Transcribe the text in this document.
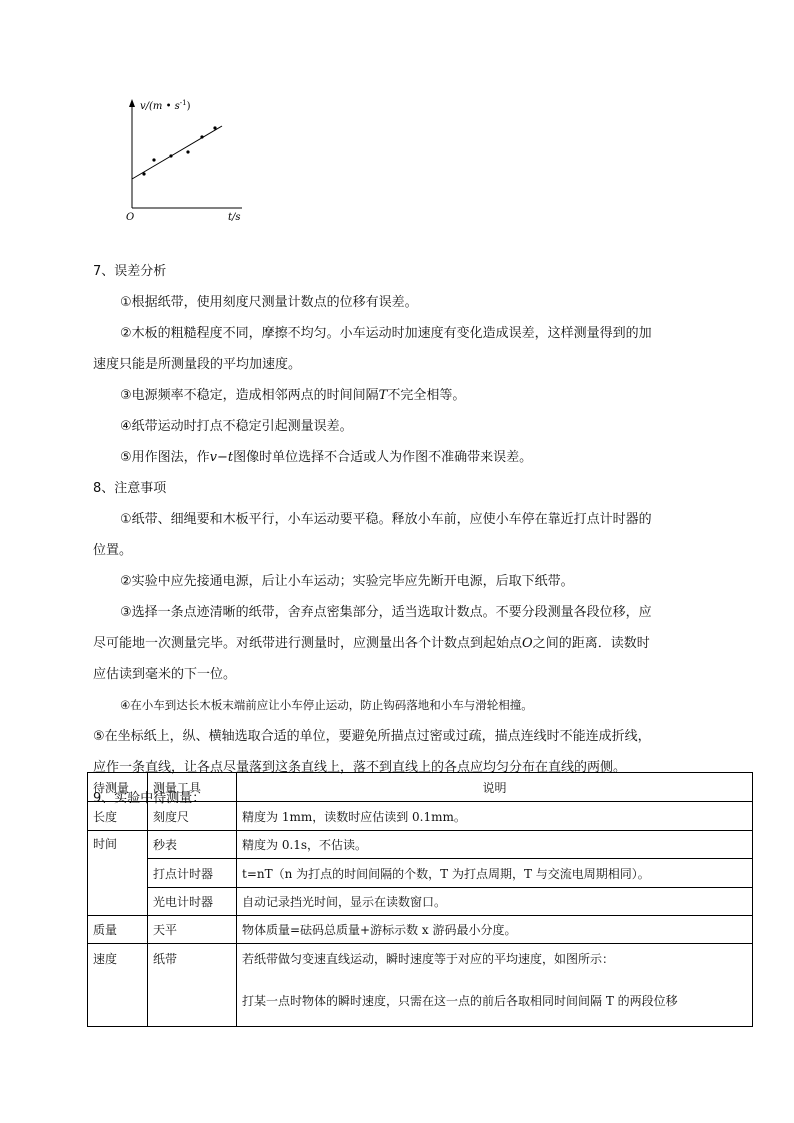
v/(m • $s^{-1}$)
O	t/s

7、误差分析

①根据纸带，使用刻度尺测量计数点的位移有误差。

②木板的粗糙程度不同，摩擦不均匀。小车运动时加速度有变化造成误差，这样测量得到的加

速度只能是所测量段的平均加速度。

③电源频率不稳定，造成相邻两点的时间间隔T不完全相等。

④纸带运动时打点不稳定引起测量误差。

⑤用作图法，作v−t图像时单位选择不合适或人为作图不准确带来误差。

8、注意事项

①纸带、细绳要和木板平行，小车运动要平稳。释放小车前，应使小车停在靠近打点计时器的

位置。

②实验中应先接通电源，后让小车运动；实验完毕应先断开电源，后取下纸带。

③选择一条点迹清晰的纸带，舍弃点密集部分，适当选取计数点。不要分段测量各段位移，应

尽可能地一次测量完毕。对纸带进行测量时，应测量出各个计数点到起始点O之间的距离．读数时

应估读到毫米的下一位。

④在小车到达长木板末端前应让小车停止运动，防止钩码落地和小车与滑轮相撞。

⑤在坐标纸上，纵、横轴选取合适的单位，要避免所描点过密或过疏，描点连线时不能连成折线，

应作一条直线，让各点尽量落到这条直线上，落不到直线上的各点应均匀分布在直线的两侧。

9、实验中待测量：

待测量	测量工具	说明
长度	刻度尺	精度为 1mm，读数时应估读到 0.1mm。
时间	秒表	精度为 0.1s，不估读。
	打点计时器	t=nT（n 为打点的时间间隔的个数，T 为打点周期，T 与交流电周期相同）。
	光电计时器	自动记录挡光时间，显示在读数窗口。
质量	天平	物体质量=砝码总质量+游标示数 x 游码最小分度。
速度	纸带	若纸带做匀变速直线运动，瞬时速度等于对应的平均速度，如图所示：
打某一点时物体的瞬时速度，只需在这一点的前后各取相同时间间隔 T 的两段位移
